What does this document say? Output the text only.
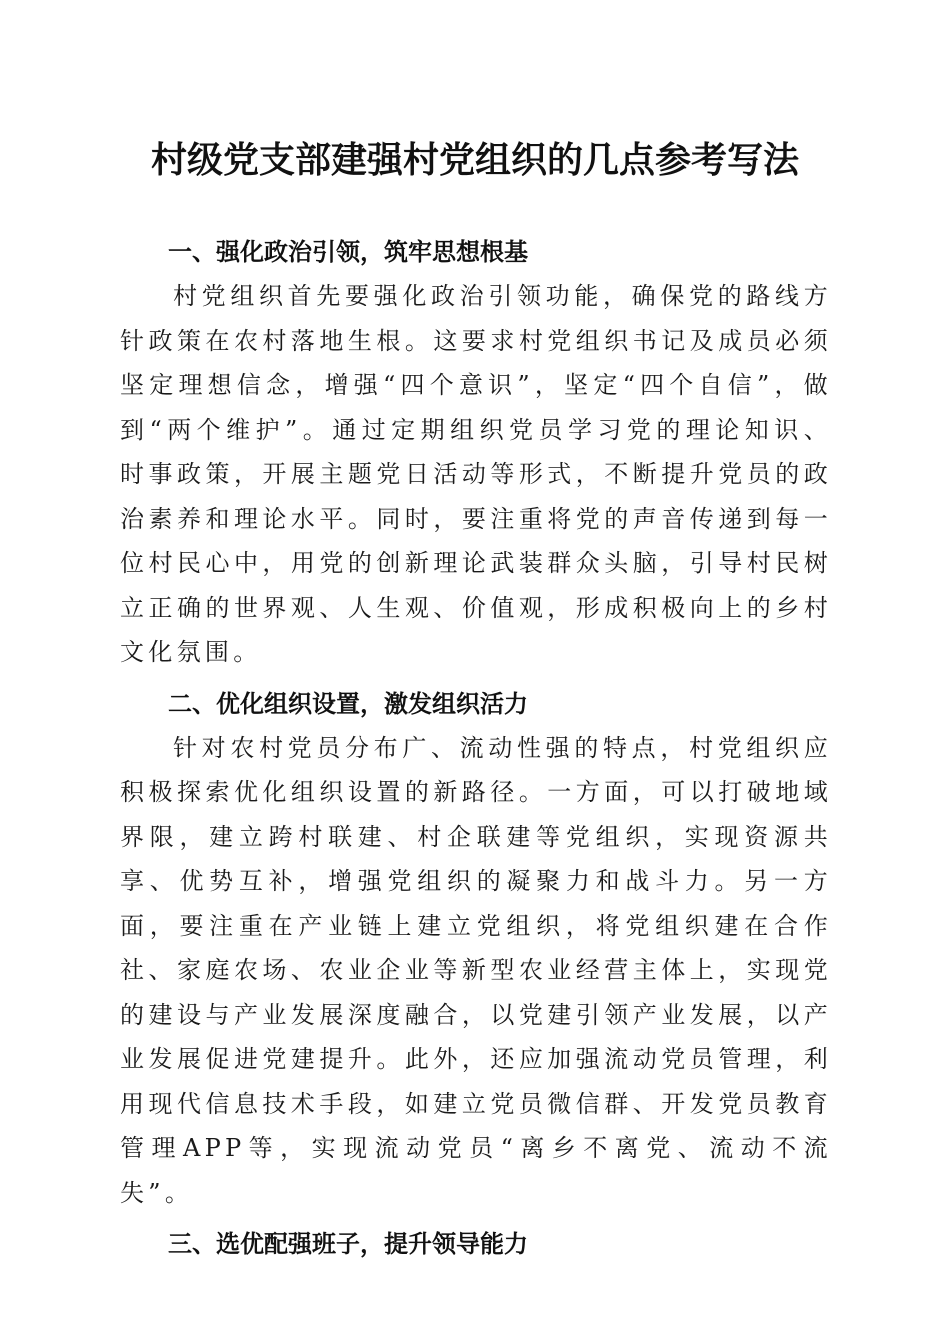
村级党支部建强村党组织的几点参考写法

一、强化政治引领，筑牢思想根基

村党组织首先要强化政治引领功能，确保党的路线方针政策在农村落地生根。这要求村党组织书记及成员必须坚定理想信念，增强“四个意识”，坚定“四个自信”，做到“两个维护”。通过定期组织党员学习党的理论知识、时事政策，开展主题党日活动等形式，不断提升党员的政治素养和理论水平。同时，要注重将党的声音传递到每一位村民心中，用党的创新理论武装群众头脑，引导村民树立正确的世界观、人生观、价值观，形成积极向上的乡村文化氛围。

二、优化组织设置，激发组织活力

针对农村党员分布广、流动性强的特点，村党组织应积极探索优化组织设置的新路径。一方面，可以打破地域界限，建立跨村联建、村企联建等党组织，实现资源共享、优势互补，增强党组织的凝聚力和战斗力。另一方面，要注重在产业链上建立党组织，将党组织建在合作社、家庭农场、农业企业等新型农业经营主体上，实现党的建设与产业发展深度融合，以党建引领产业发展，以产业发展促进党建提升。此外，还应加强流动党员管理，利用现代信息技术手段，如建立党员微信群、开发党员教育管理APP等，实现流动党员“离乡不离党、流动不流失”。

三、选优配强班子，提升领导能力
